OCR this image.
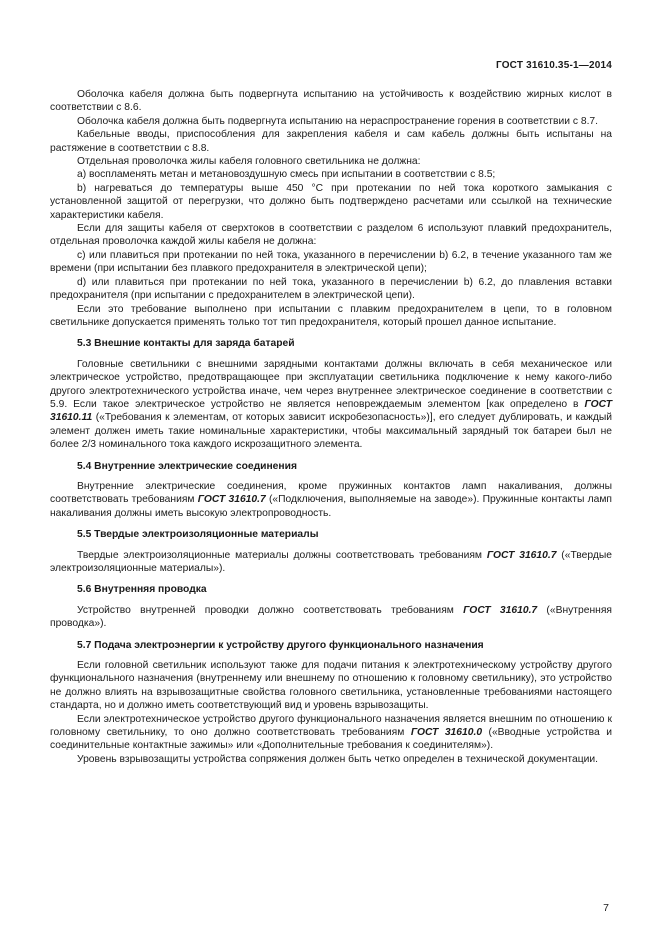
ГОСТ 31610.35-1—2014

Оболочка кабеля должна быть подвергнута испытанию на устойчивость к воздействию жирных кислот в соответствии с 8.6.

Оболочка кабеля должна быть подвергнута испытанию на нераспространение горения в соответствии с 8.7.

Кабельные вводы, приспособления для закрепления кабеля и сам кабель должны быть испытаны на растяжение в соответствии с 8.8.

Отдельная проволочка жилы кабеля головного светильника не должна:

a) воспламенять метан и метановоздушную смесь при испытании в соответствии с 8.5;

b) нагреваться до температуры выше 450 °С при протекании по ней тока короткого замыкания с установленной защитой от перегрузки, что должно быть подтверждено расчетами или ссылкой на технические характеристики кабеля.

Если для защиты кабеля от сверхтоков в соответствии с разделом 6 используют плавкий предохранитель, отдельная проволочка каждой жилы кабеля не должна:

c) или плавиться при протекании по ней тока, указанного в перечислении b) 6.2, в течение указанного там же времени (при испытании без плавкого предохранителя в электрической цепи);

d) или плавиться при протекании по ней тока, указанного в перечислении b) 6.2, до плавления вставки предохранителя (при испытании с предохранителем в электрической цепи).

Если это требование выполнено при испытании с плавким предохранителем в цепи, то в головном светильнике допускается применять только тот тип предохранителя, который прошел данное испытание.

5.3 Внешние контакты для заряда батарей

Головные светильники с внешними зарядными контактами должны включать в себя механическое или электрическое устройство, предотвращающее при эксплуатации светильника подключение к нему какого-либо другого электротехнического устройства иначе, чем через внутреннее электрическое соединение в соответствии с 5.9. Если такое электрическое устройство не является неповреждаемым элементом [как определено в ГОСТ 31610.11 («Требования к элементам, от которых зависит искробезопасность»)], его следует дублировать, и каждый элемент должен иметь такие номинальные характеристики, чтобы максимальный зарядный ток батареи был не более 2/3 номинального тока каждого искрозащитного элемента.

5.4 Внутренние электрические соединения

Внутренние электрические соединения, кроме пружинных контактов ламп накаливания, должны соответствовать требованиям ГОСТ 31610.7 («Подключения, выполняемые на заводе»). Пружинные контакты ламп накаливания должны иметь высокую электропроводность.

5.5 Твердые электроизоляционные материалы

Твердые электроизоляционные материалы должны соответствовать требованиям ГОСТ 31610.7 («Твердые электроизоляционные материалы»).

5.6 Внутренняя проводка

Устройство внутренней проводки должно соответствовать требованиям ГОСТ 31610.7 («Внутренняя проводка»).

5.7 Подача электроэнергии к устройству другого функционального назначения

Если головной светильник используют также для подачи питания к электротехническому устройству другого функционального назначения (внутреннему или внешнему по отношению к головному светильнику), это устройство не должно влиять на взрывозащитные свойства головного светильника, установленные требованиями настоящего стандарта, но и должно иметь соответствующий вид и уровень взрывозащиты.

Если электротехническое устройство другого функционального назначения является внешним по отношению к головному светильнику, то оно должно соответствовать требованиям ГОСТ 31610.0 («Вводные устройства и соединительные контактные зажимы» или «Дополнительные требования к соединителям»).

Уровень взрывозащиты устройства сопряжения должен быть четко определен в технической документации.

7
